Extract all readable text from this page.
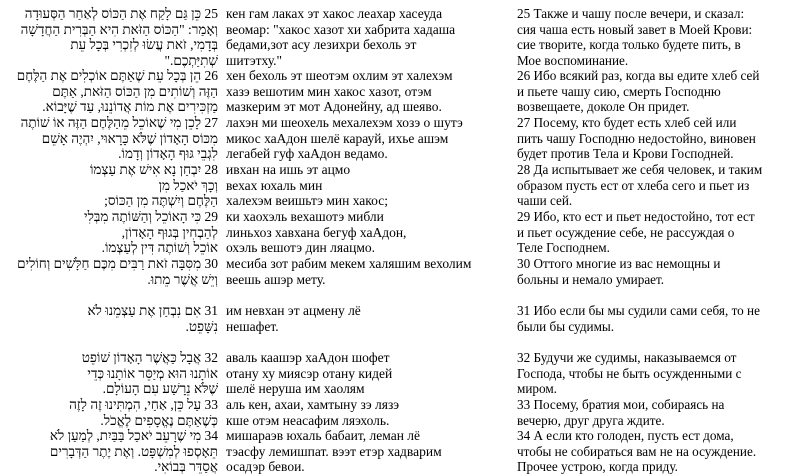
25 כֵּן גַּם לָקַח אֶת הַכּוֹס לְאַחַר הַסְּעוּדָה
וְאָמַר: "הַכּוֹס הַזֹּאת הִיא הַבְּרִית הַחֲדָשָׁה
בְּדָמִי, זֹאת עֲשׂוּ לְזִכְרִי בְּכָל עֵת
שְׁתִיַּתְכֶם."
кен гам лаках эт хакос леахар хасеуда
веомар: "хакос хазот хи хабрита хадаша
бедами,зот асу лезихри бехоль эт
шитэтху."
25 Также и чашу после вечери, и сказал:
сия чаша есть новый завет в Моей Крови:
сие творите, когда только будете пить, в
Мое воспоминание.
26 הֵן בְּכָל עֵת שֶׁאַתֶּם אוֹכְלִים אֶת הַלֶּחֶם
הַזֶּה וְשׁוֹתִים מִן הַכּוֹס הַזֹּאת, אַתֶּם
מַזְכִּירִים אֶת מוֹת אֲדוֹנֵנוּ, עַד שֶׁיָּבוֹא.
хен бехоль эт шеотэм охлим эт халехэм
хазэ вешотим мин хакос хазот, отэм
мазкерим эт мот Адонейну, ад шеявo.
26 Ибо всякий раз, когда вы едите хлеб сей
и пьете чашу сию, смерть Господню
возвещаете, доколе Он придет.
27 לָכֵן מִי שֶׁאוֹכֵל מֵהַלֶּחֶם הַזֶּה אוֹ שׁוֹתֶה
מִכּוֹס הָאָדוֹן שֶׁלֹּא כָּרָאוּי, יִהְיֶה אָשֵׁם
לִגְבֵי גּוּף הָאָדוֹן וְדָמוֹ.
лахэн ми шеохель мехалехэм хозэ о шутэ
микос хаАдон шелё карауй, ихье ашэм
легабей гуф хаАдон ведамо.
27 Посему, кто будет есть хлеб сей или
пить чашу Господню недостойно, виновен
будет против Тела и Крови Господней.
28 יִבְחַן נָא אִישׁ אֶת עַצְמוֹ
וְכָךְ יֹאכַל מִן
הַלֶּחֶם וְיִשְׁתֶּה מִן הַכּוֹס;
ивхан на ишь эт ацмо
вехах юхаль мин
халехэм веишьтэ мин хакос;
28 Да испытывает же себя человек, и таким
образом пусть ест от хлеба сего и пьет из
чаши сей.
29 כִּי הָאוֹכֵל וְהַשּׁוֹתֶה מִבְּלִי
לְהַבְחִין בְּגוּף הָאָדוֹן,
אוֹכֵל וְשׁוֹתֶה דִּין לְעַצְמוֹ.
ки хаохэль вехашотэ мибли
линьхоз хавхана бегуф хаАдон,
охэль вешотэ дин ляацмо.
29 Ибо, кто ест и пьет недостойно, тот ест
и пьет осуждение себе, не рассуждая о
Теле Господнем.
30 מִסִּבָּה זֹאת רַבִּים מִכֶּם חַלָּשִׁים וְחוֹלִים
וְיֵשׁ אֲשֶׁר מֵתוּ.
месиба зот рабим мекем халяшим вехолим
веешь ашэр мету.
30 Оттого многие из вас немощны и
больны и немало умирает.
31 אִם נִבְחַן אֶת עַצְמֵנוּ לֹא
נִשָּׁפֵט.
им невхан эт ацмену лё
нешафет.
31 Ибо если бы мы судили сами себя, то не
были бы судимы.
32 אֲבָל כַּאֲשֶׁר הָאָדוֹן שׁוֹפֵט
אוֹתָנוּ הוּא מְיַסֵּר אוֹתָנוּ כְּדֵי
שֶׁלֹּא נֵרָשַׁע עִם הָעוֹלָם.
аваль каашэр хаАдон шофет
отану ху миясэр отану кидей
шелё неруша им хаолям
32 Будучи же судимы, наказываемся от
Господа, чтобы не быть осужденными с
миром.
33 עַל כֵּן, אַחַי, הִמְתִּינוּ זֶה לָזֶה
כְּשֶׁאַתֶּם נֶאֱסָפִים לֶאֱכֹל.
аль кен, ахаи, хамтыну зэ лязэ
кше отэм неасафим ляэхоль.
33 Посему, братия мои, собираясь на
вечерю, друг друга ждите.
34 מִי שֶׁרָעֵב יֹאכַל בַּבַּיִת, לְמַעַן לֹא
תֵּאָסְפוּ לְמִשְׁפָּט. וְאֶת יֶתֶר הַדְּבָרִים
אֲסַדֵּר בְּבוֹאִי.
мишараэв юхаль бабаит, леман лё
тэасфу лемишпат. вээт етэр хадварим
осадэр бевои.
34 А если кто голоден, пусть ест дома,
чтобы не собираться вам не на осуждение.
Прочее устрою, когда приду.
